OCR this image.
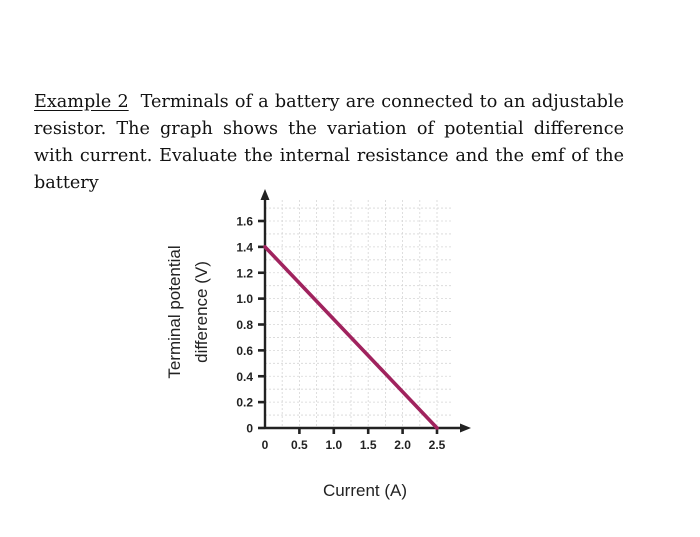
Example 2 Terminals of a battery are connected to an adjustable resistor. The graph shows the variation of potential difference with current. Evaluate the internal resistance and the emf of the battery
0
0.2
0.4
0.6
0.8
1.0
1.2
1.4
1.6
0 0.5 1.0 1.5 2.0 2.5
Current (A)
Terminal potential difference (V)
